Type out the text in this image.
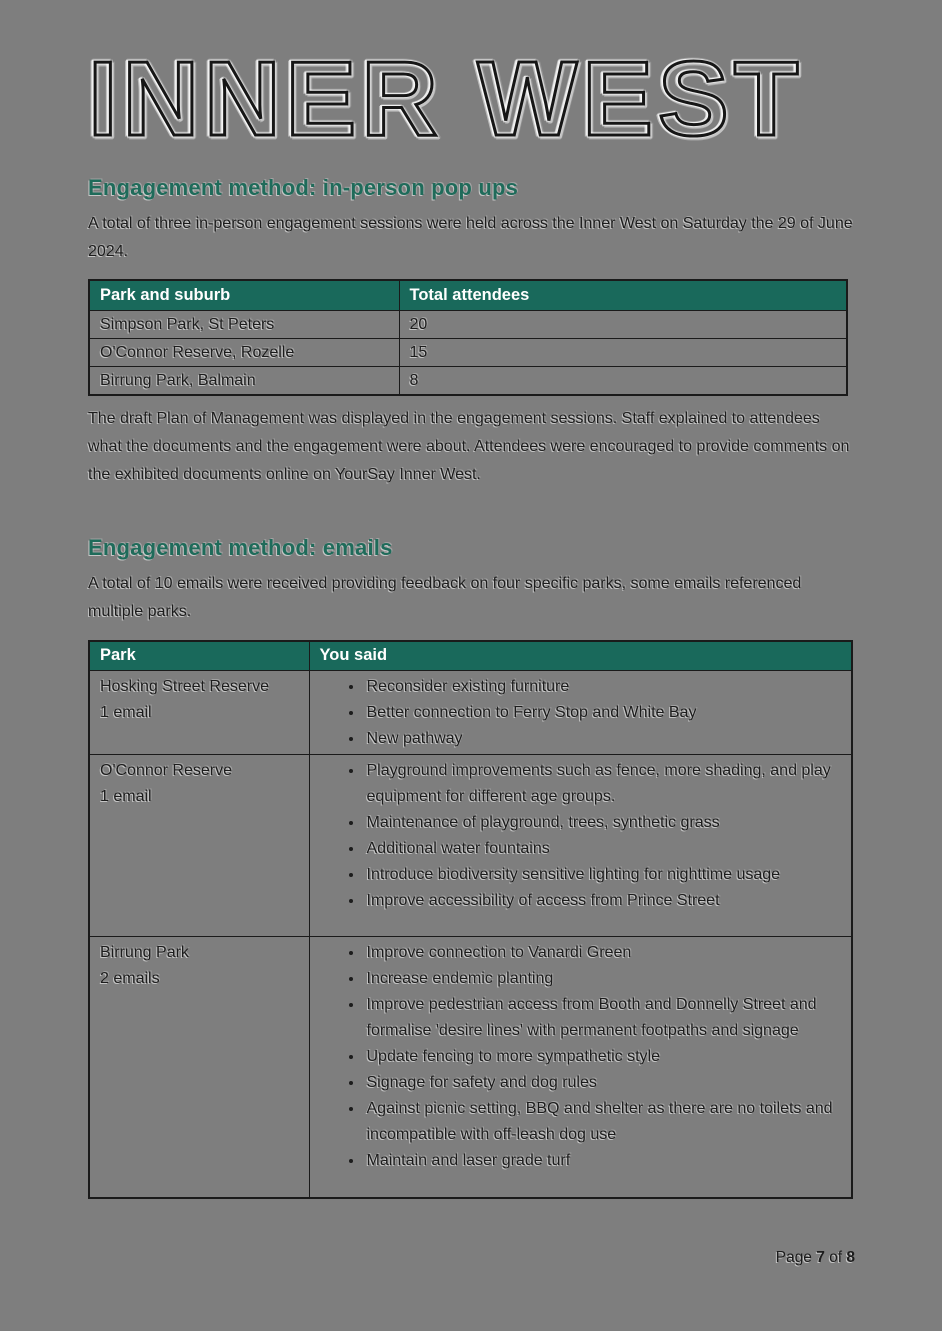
INNER WEST
Engagement method: in-person pop ups

A total of three in-person engagement sessions were held across the Inner West on Saturday the 29 of June 2024.

Park and suburb	Total attendees
Simpson Park, St Peters	20
O'Connor Reserve, Rozelle	15
Birrung Park, Balmain	8

The draft Plan of Management was displayed in the engagement sessions. Staff explained to attendees what the documents and the engagement were about. Attendees were encouraged to provide comments on the exhibited documents online on YourSay Inner West.

Engagement method: emails

A total of 10 emails were received providing feedback on four specific parks, some emails referenced multiple parks.

Park	You said

Hosking Street Reserve
1 email

• Reconsider existing furniture
• Better connection to Ferry Stop and White Bay
• New pathway

O'Connor Reserve
1 email

• Playground improvements such as fence, more shading, and play equipment for different age groups.
• Maintenance of playground, trees, synthetic grass
• Additional water fountains
• Introduce biodiversity sensitive lighting for nighttime usage
• Improve accessibility of access from Prince Street

Birrung Park
2 emails

• Improve connection to Vanardi Green
• Increase endemic planting
• Improve pedestrian access from Booth and Donnelly Street and formalise 'desire lines' with permanent footpaths and signage
• Update fencing to more sympathetic style
• Signage for safety and dog rules
• Against picnic setting, BBQ and shelter as there are no toilets and incompatible with off-leash dog use
• Maintain and laser grade turf
Page 7 of 8
